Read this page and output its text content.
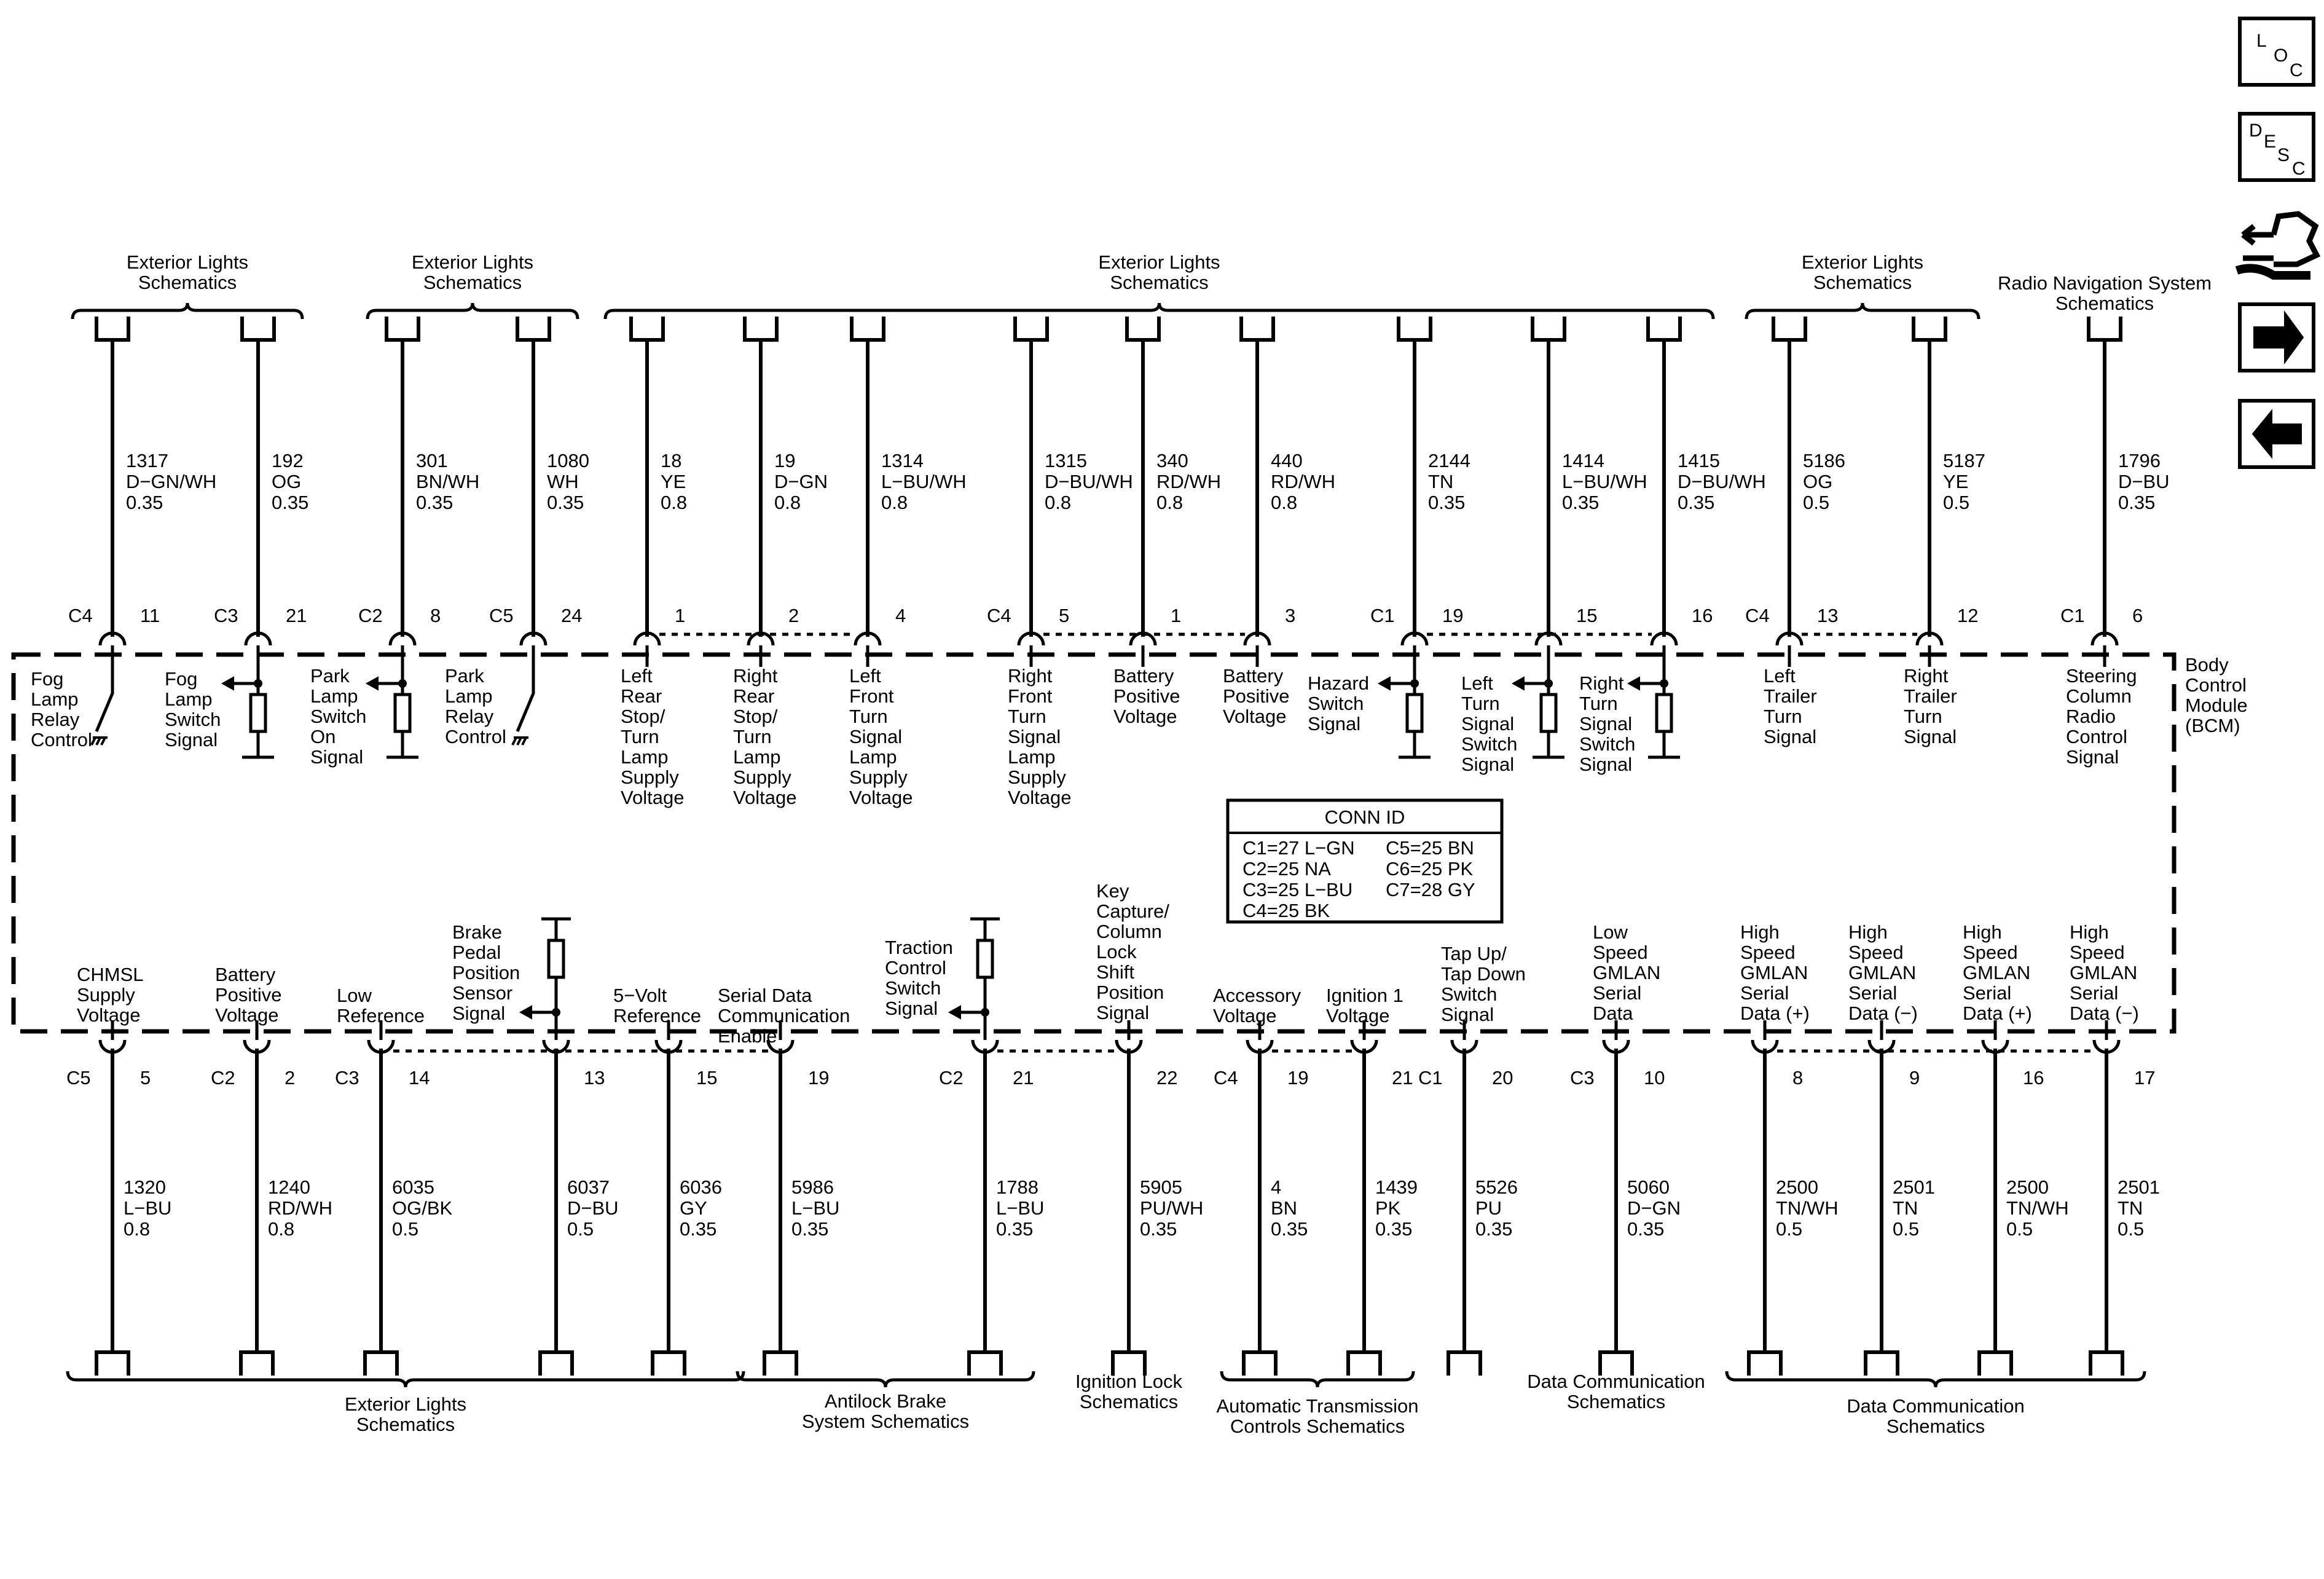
Body
Control
Module
(BCM)
1317
D−GN/WH
0.35
11
C4
192
OG
0.35
21
C3
301
BN/WH
0.35
8
C2
1080
WH
0.35
24
C5
18
YE
0.8
1
19
D−GN
0.8
2
1314
L−BU/WH
0.8
4
1315
D−BU/WH
0.8
5
C4
340
RD/WH
0.8
1
440
RD/WH
0.8
3
2144
TN
0.35
19
C1
1414
L−BU/WH
0.35
15
1415
D−BU/WH
0.35
16
5186
OG
0.5
13
C4
5187
YE
0.5
12
1796
D−BU
0.35
6
C1
Fog
Lamp
Relay
Control
Fog
Lamp
Switch
Signal
Park
Lamp
Switch
On
Signal
Park
Lamp
Relay
Control
Left
Rear
Stop/
Turn
Lamp
Supply
Voltage
Right
Rear
Stop/
Turn
Lamp
Supply
Voltage
Left
Front
Turn
Signal
Lamp
Supply
Voltage
Right
Front
Turn
Signal
Lamp
Supply
Voltage
Battery
Positive
Voltage
Battery
Positive
Voltage
Hazard
Switch
Signal
Left
Turn
Signal
Switch
Signal
Right
Turn
Signal
Switch
Signal
Left
Trailer
Turn
Signal
Right
Trailer
Turn
Signal
Steering
Column
Radio
Control
Signal
Exterior Lights
Schematics
Exterior Lights
Schematics
Exterior Lights
Schematics
Exterior Lights
Schematics	Radio Navigation System
Schematics
5
C5
1320
L−BU
0.8
2
C2
1240
RD/WH
0.8
14
C3
6035
OG/BK
0.5
13
6037
D−BU
0.5
15
6036
GY
0.35
19
5986
L−BU
0.35
21
C2
1788
L−BU
0.35
22
5905
PU/WH
0.35
19
C4
4
BN
0.35
21
1439
PK
0.35
20
C1
5526
PU
0.35
10
C3
5060
D−GN
0.35
8
2500
TN/WH
0.5
9
2501
TN
0.5
16
2500
TN/WH
0.5
17
2501
TN
0.5
CHMSL
Supply
Voltage
Battery
Positive
Voltage
Low
Reference
Brake
Pedal
Position
Sensor
Signal
5−Volt
Reference
Serial Data
Communication
Enable
Traction
Control
Switch
Signal
Key
Capture/
Column
Lock
Shift
Position
Signal
Accessory
Voltage
Ignition 1
Voltage
Tap Up/
Tap Down
Switch
Signal
Low
Speed
GMLAN
Serial
Data
High
Speed
GMLAN
Serial
Data (+)
High
Speed
GMLAN
Serial
Data (−)
High
Speed
GMLAN
Serial
Data (+)
High
Speed
GMLAN
Serial
Data (−)
Exterior Lights
Schematics
Antilock Brake
System Schematics
Automatic Transmission
Controls Schematics
Data Communication
Schematics
Ignition Lock
Schematics
Data Communication
Schematics
CONN ID
C1=27 L−GN
C2=25 NA
C3=25 L−BU
C4=25 BK
C5=25 BN
C6=25 PK
C7=28 GY
L
O
C
D
E
S
C
